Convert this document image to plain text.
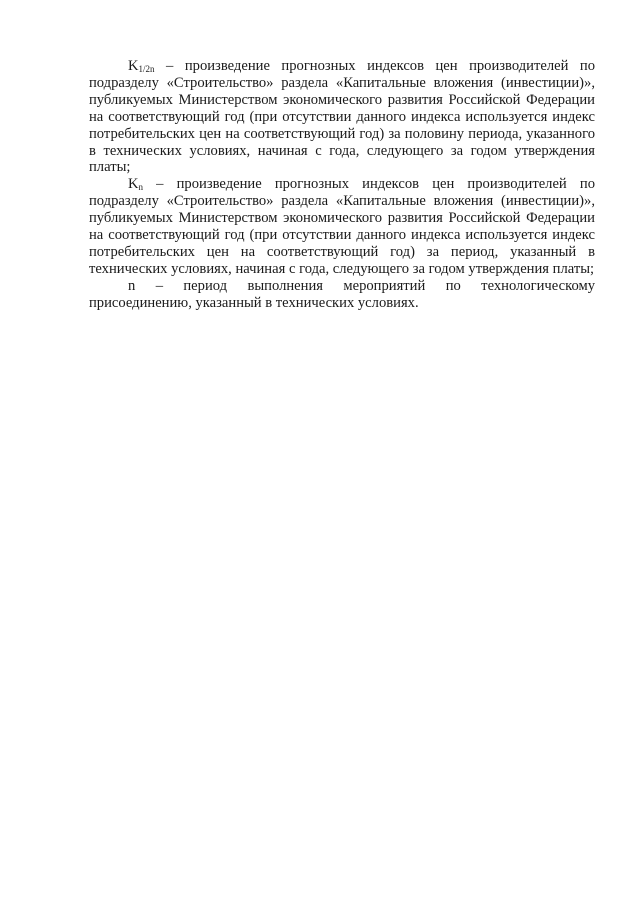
$K_{1/2n}$ – произведение прогнозных индексов цен производителей по подразделу «Строительство» раздела «Капитальные вложения (инвестиции)», публикуемых Министерством экономического развития Российской Федерации на соответствующий год (при отсутствии данного индекса используется индекс потребительских цен на соответствующий год) за половину периода, указанного в технических условиях, начиная с года, следующего за годом утверждения платы;

$K_n$ – произведение прогнозных индексов цен производителей по подразделу «Строительство» раздела «Капитальные вложения (инвестиции)», публикуемых Министерством экономического развития Российской Федерации на соответствующий год (при отсутствии данного индекса используется индекс потребительских цен на соответствующий год) за период, указанный в технических условиях, начиная с года, следующего за годом утверждения платы;

n – период выполнения мероприятий по технологическому присоединению, указанный в технических условиях.
